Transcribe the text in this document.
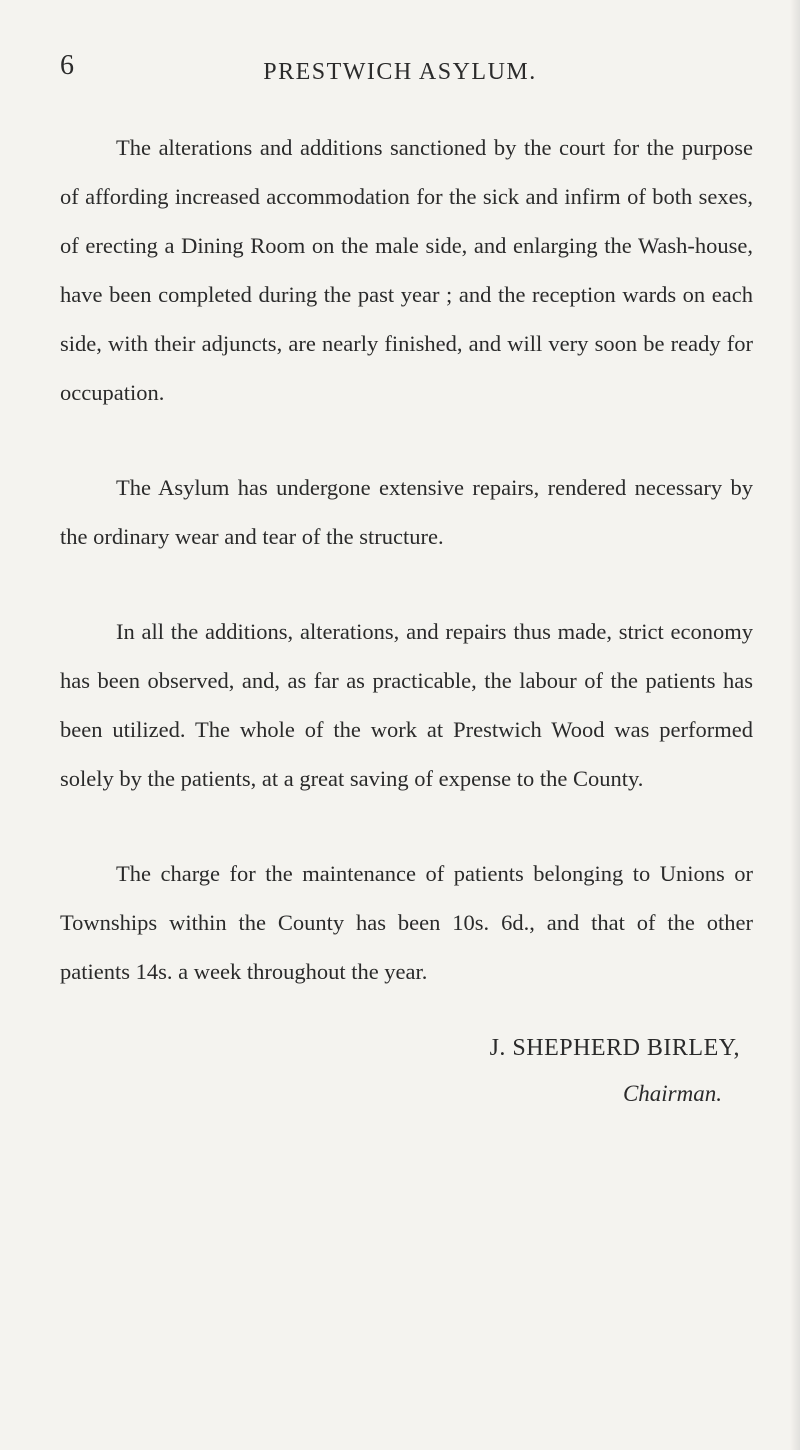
6	PRESTWICH ASYLUM.

The alterations and additions sanctioned by the court for the purpose of affording increased accommodation for the sick and infirm of both sexes, of erecting a Dining Room on the male side, and enlarging the Wash-house, have been completed during the past year ; and the reception wards on each side, with their adjuncts, are nearly finished, and will very soon be ready for occupation.

The Asylum has undergone extensive repairs, rendered necessary by the ordinary wear and tear of the structure.

In all the additions, alterations, and repairs thus made, strict economy has been observed, and, as far as practicable, the labour of the patients has been utilized. The whole of the work at Prestwich Wood was performed solely by the patients, at a great saving of expense to the County.

The charge for the maintenance of patients belonging to Unions or Townships within the County has been 10s. 6d., and that of the other patients 14s. a week throughout the year.

J. SHEPHERD BIRLEY,
Chairman.
